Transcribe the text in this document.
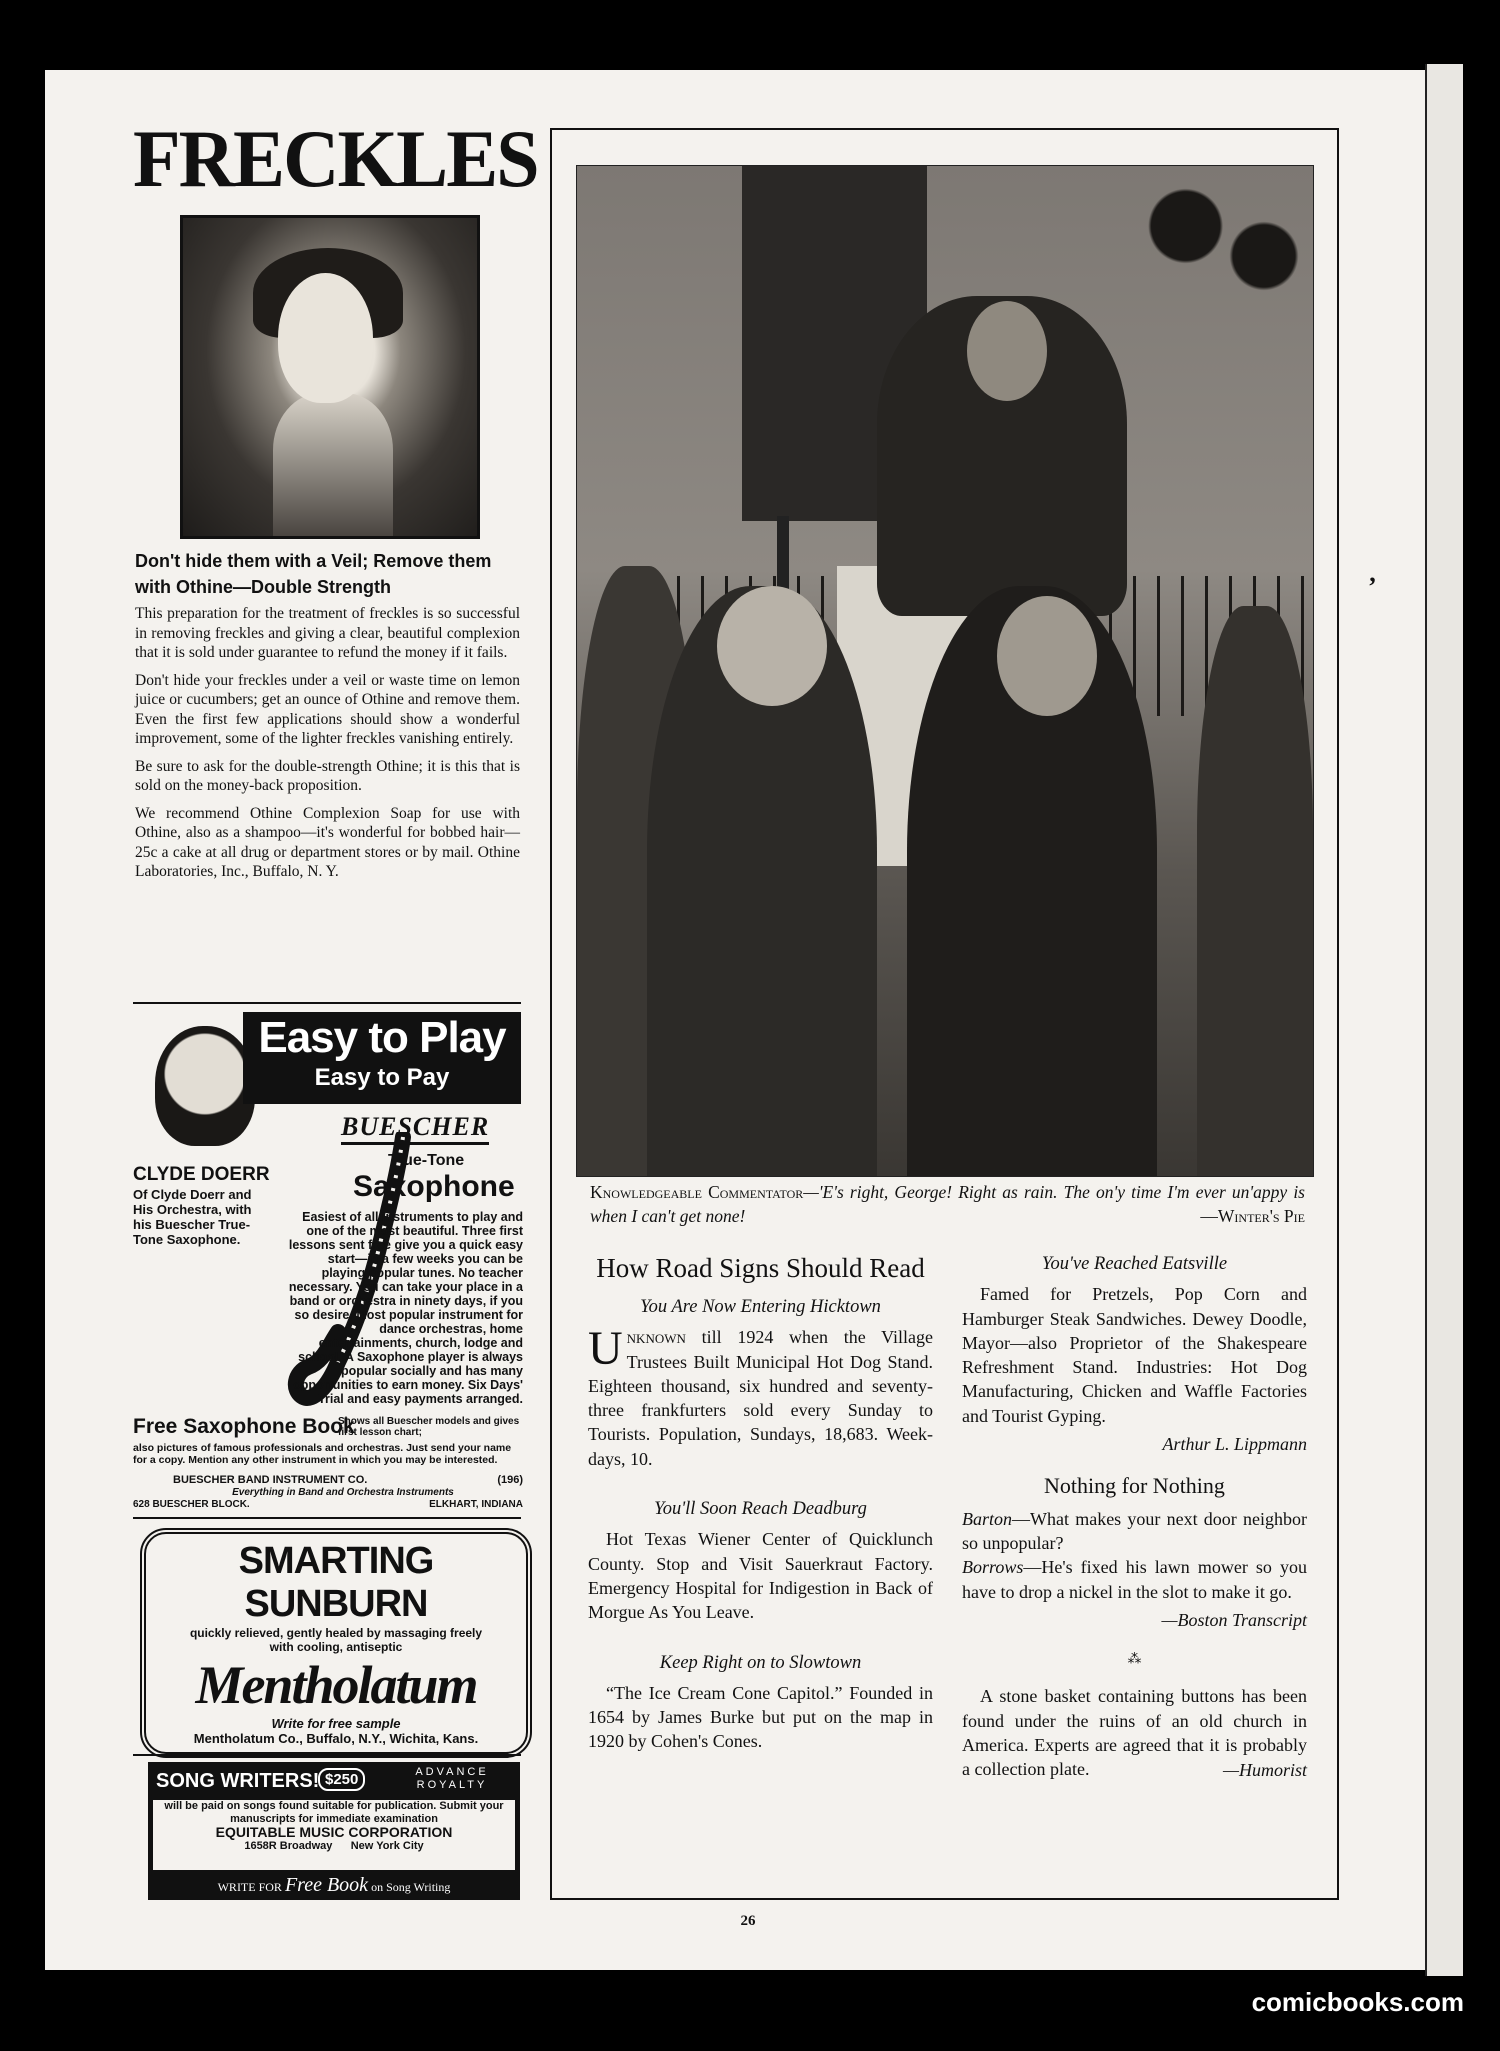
FRECKLES
Don't hide them with a Veil; Remove them with Othine—Double Strength

This preparation for the treatment of freckles is so successful in removing freckles and giving a clear, beautiful complexion that it is sold under guarantee to refund the money if it fails.

Don't hide your freckles under a veil or waste time on lemon juice or cucumbers; get an ounce of Othine and remove them. Even the first few applications should show a wonderful improvement, some of the lighter freckles vanishing entirely.

Be sure to ask for the double-strength Othine; it is this that is sold on the money-back proposition.

We recommend Othine Complexion Soap for use with Othine, also as a shampoo—it's wonderful for bobbed hair—25c a cake at all drug or department stores or by mail. Othine Laboratories, Inc., Buffalo, N. Y.

Easy to Play
Easy to Pay
BUESCHER
True-Tone
Saxophone
CLYDE DOERR
Of Clyde Doerr and His Orchestra, with his Buescher True-Tone Saxophone.
Easiest of all instruments to play and one of the most beautiful. Three first lessons sent free give you a quick easy start—in a few weeks you can be playing popular tunes. No teacher necessary. You can take your place in a band or orchestra in ninety days, if you so desire. Most popular instrument for dance orchestras, home entertainments, church, lodge and school. A Saxophone player is always popular socially and has many opportunities to earn money. Six Days' Trial and easy payments arranged.
Free Saxophone Book
Shows all Buescher models and gives first lesson chart;
also pictures of famous professionals and orchestras. Just send your name for a copy. Mention any other instrument in which you may be interested.
BUESCHER BAND INSTRUMENT CO.	(196)
Everything in Band and Orchestra Instruments
628 BUESCHER BLOCK.	ELKHART, INDIANA
SMARTING SUNBURN
quickly relieved, gently healed by massaging freely with cooling, antiseptic
Mentholatum
Write for free sample
Mentholatum Co., Buffalo, N.Y., Wichita, Kans.
SONG WRITERS! $250	ADVANCE ROYALTY
will be paid on songs found suitable for publication. Submit your manuscripts for immediate examination
EQUITABLE MUSIC CORPORATION
1658R Broadway New York City
WRITE FOR Free Book on Song Writing
Knowledgeable Commentator—'E's right, George! Right as rain. The on'y time I'm ever un'appy is when I can't get none!	—Winter's Pie
How Road Signs Should Read
You Are Now Entering Hicktown

Unknown till 1924 when the Village Trustees Built Municipal Hot Dog Stand. Eighteen thousand, six hundred and seventy-three frankfurters sold every Sunday to Tourists. Population, Sundays, 18,683. Week-days, 10.

You'll Soon Reach Deadburg

Hot Texas Wiener Center of Quicklunch County. Stop and Visit Sauerkraut Factory. Emergency Hospital for Indigestion in Back of Morgue As You Leave.

Keep Right on to Slowtown

“The Ice Cream Cone Capitol.” Founded in 1654 by James Burke but put on the map in 1920 by Cohen's Cones.

You've Reached Eatsville

Famed for Pretzels, Pop Corn and Hamburger Steak Sandwiches. Dewey Doodle, Mayor—also Proprietor of the Shakespeare Refreshment Stand. Industries: Hot Dog Manufacturing, Chicken and Waffle Factories and Tourist Gyping.

Arthur L. Lippmann
Nothing for Nothing

Barton—What makes your next door neighbor so unpopular?

Borrows—He's fixed his lawn mower so you have to drop a nickel in the slot to make it go.

—Boston Transcript
⁂

A stone basket containing buttons has been found under the ruins of an old church in America. Experts are agreed that it is probably a collection plate.	—Humorist
’
26
comicbooks.com
